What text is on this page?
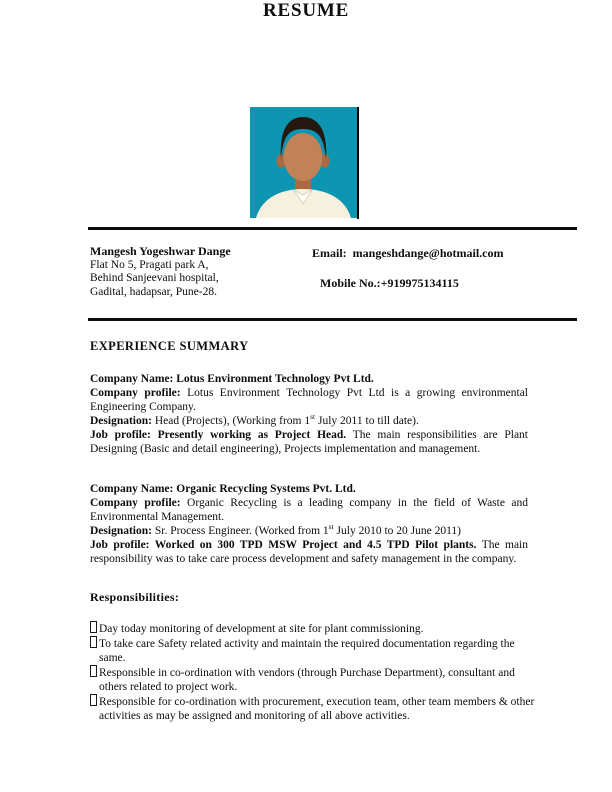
RESUME
Mangesh Yogeshwar Dange
Flat No 5, Pragati park A,
Behind Sanjeevani hospital,
Gadital, hadapsar, Pune-28.
Email: mangeshdange@hotmail.com
Mobile No.:+919975134115
EXPERIENCE SUMMARY
Company Name: Lotus Environment Technology Pvt Ltd.

Company profile: Lotus Environment Technology Pvt Ltd is a growing environmental Engineering Company.

Designation: Head (Projects), (Working from 1st July 2011 to till date).

Job profile: Presently working as Project Head. The main responsibilities are Plant Designing (Basic and detail engineering), Projects implementation and management.

Company Name: Organic Recycling Systems Pvt. Ltd.

Company profile: Organic Recycling is a leading company in the field of Waste and Environmental Management.

Designation: Sr. Process Engineer. (Worked from 1st July 2010 to 20 June 2011)

Job profile: Worked on 300 TPD MSW Project and 4.5 TPD Pilot plants. The main responsibility was to take care process development and safety management in the company.

Responsibilities:
Day today monitoring of development at site for plant commissioning.
To take care Safety related activity and maintain the required documentation regarding the same.
Responsible in co-ordination with vendors (through Purchase Department), consultant and others related to project work.
Responsible for co-ordination with procurement, execution team, other team members & other activities as may be assigned and monitoring of all above activities.
